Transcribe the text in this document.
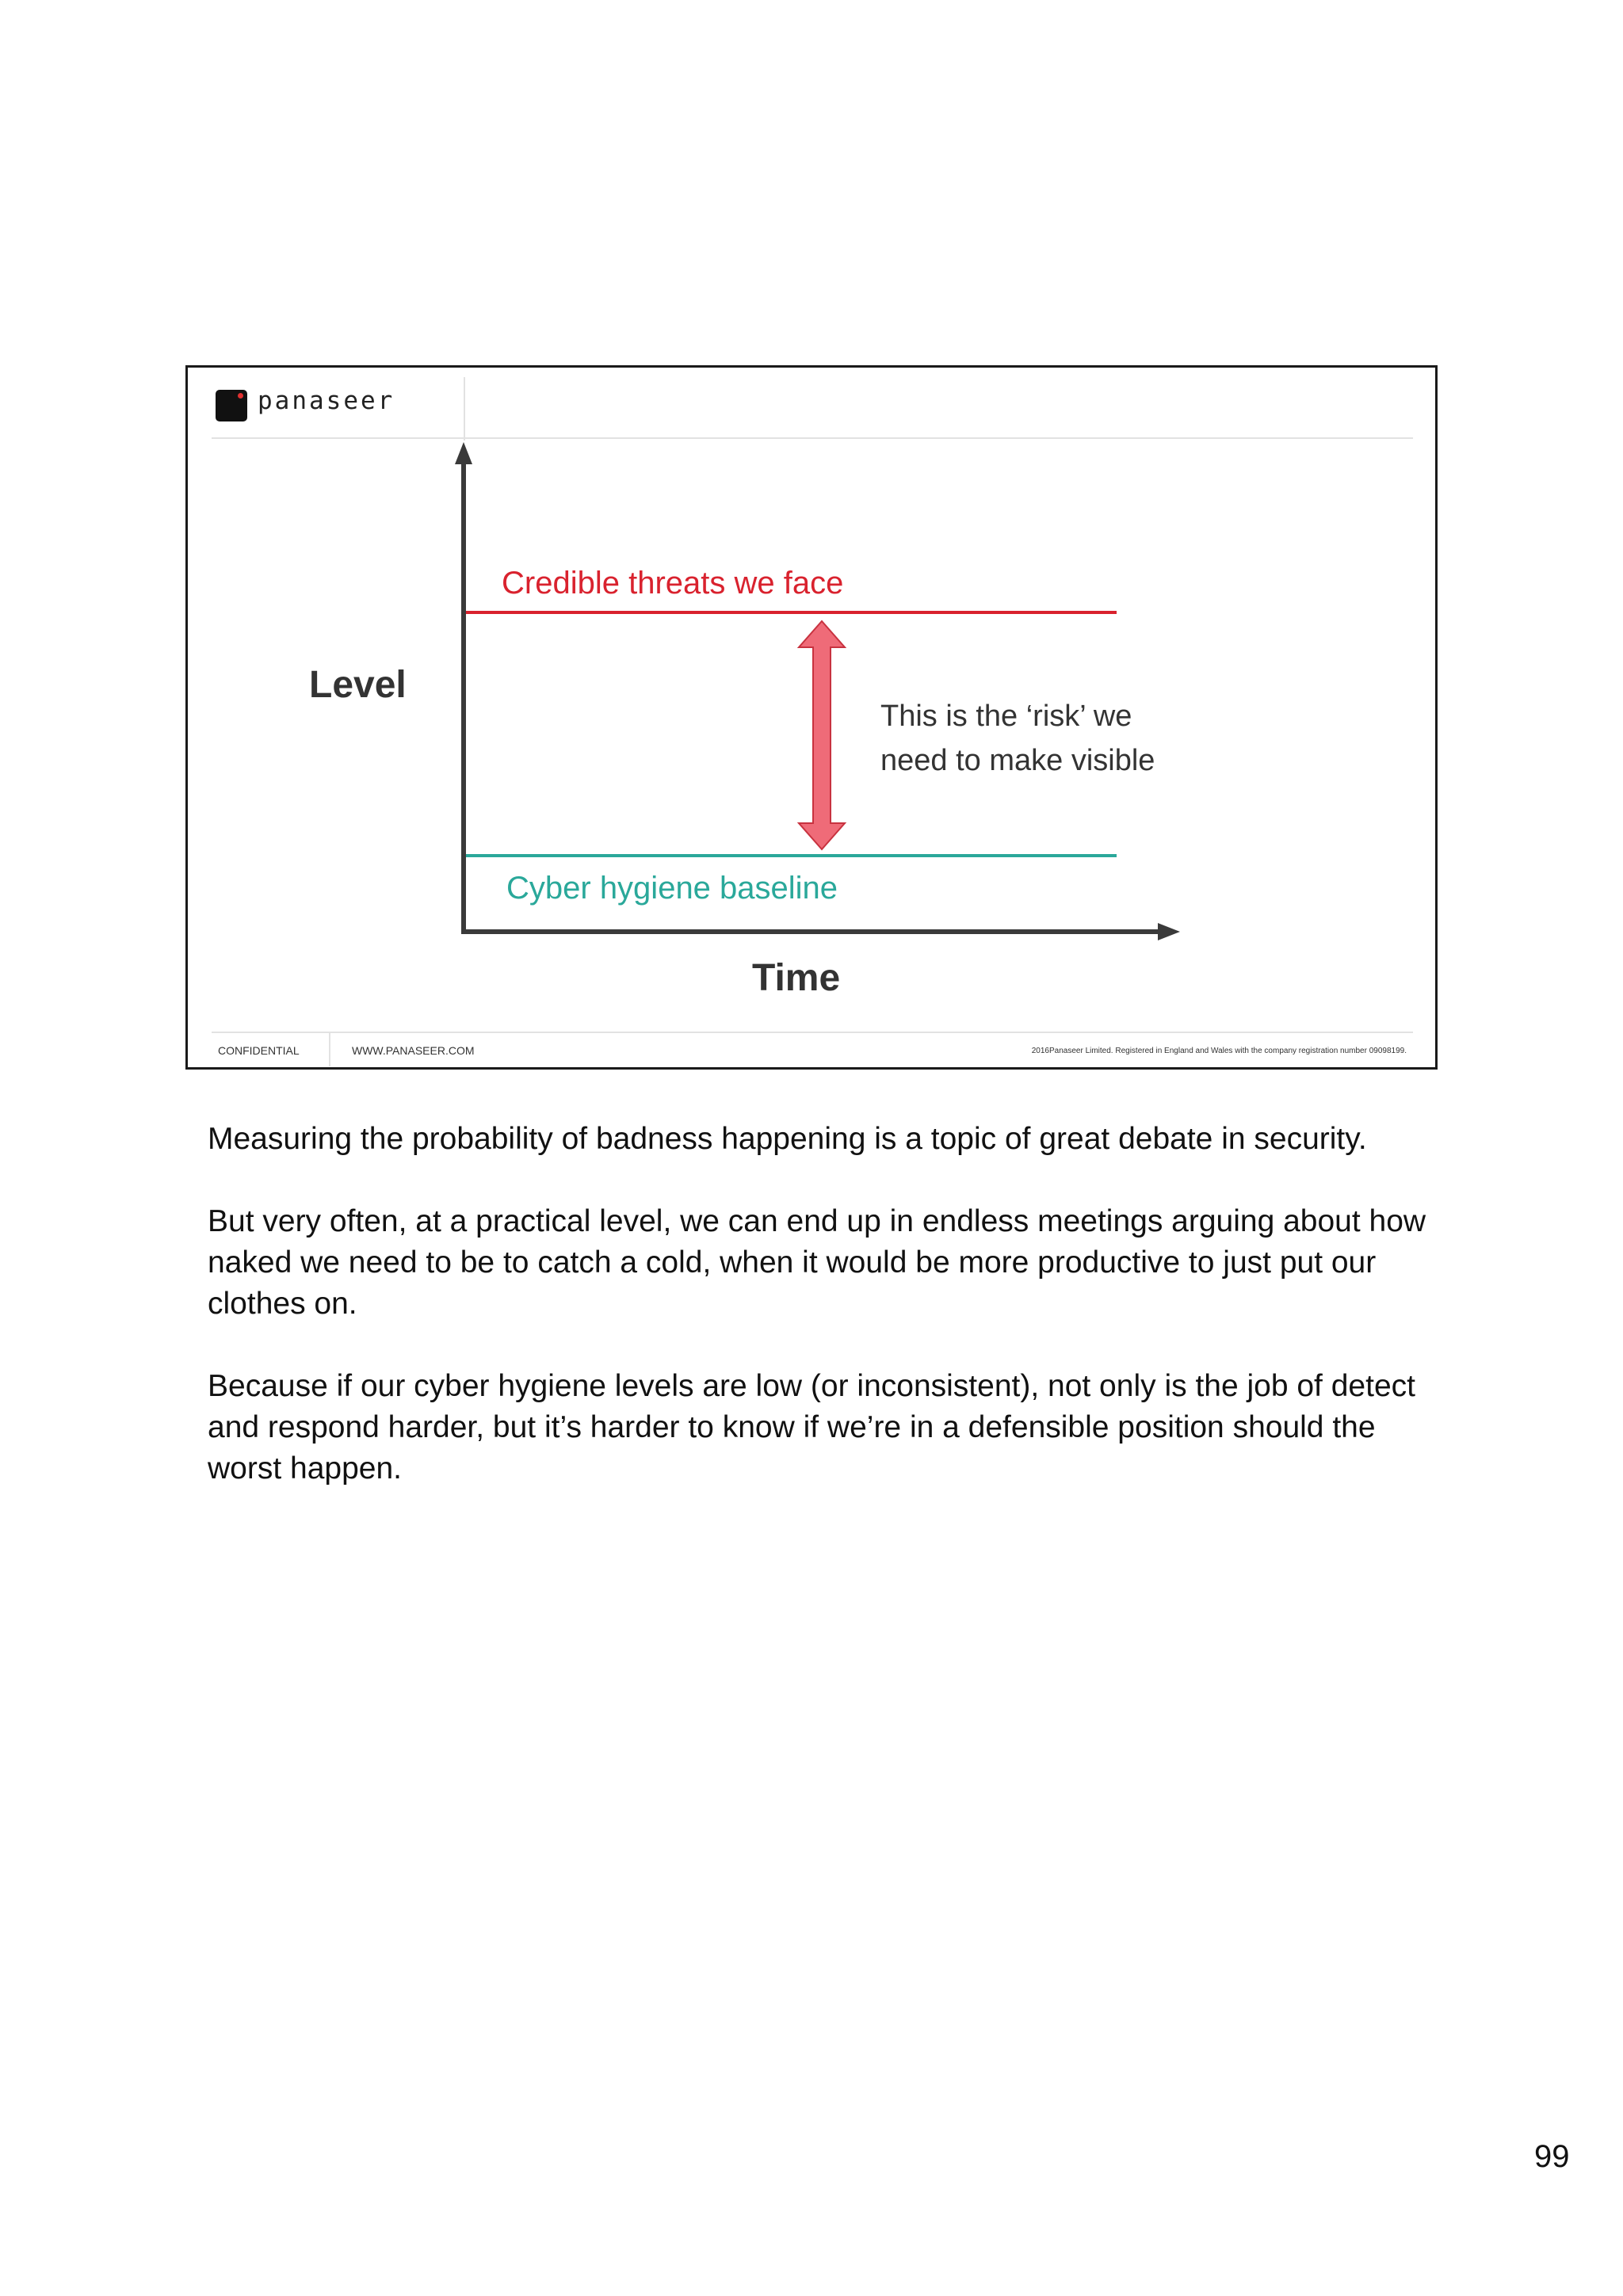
panaseer
Credible threats we face
Cyber hygiene baseline
Level
Time
This is the ‘risk’ we
need to make visible
CONFIDENTIAL	WWW.PANASEER.COM	2016Panaseer Limited. Registered in England and Wales with the company registration number 09098199.

Measuring the probability of badness happening is a topic of great debate in security.

But very often, at a practical level, we can end up in endless meetings arguing about how naked we need to be to catch a cold, when it would be more productive to just put our clothes on.

Because if our cyber hygiene levels are low (or inconsistent), not only is the job of detect and respond harder, but it’s harder to know if we’re in a defensible position should the worst happen.

99
